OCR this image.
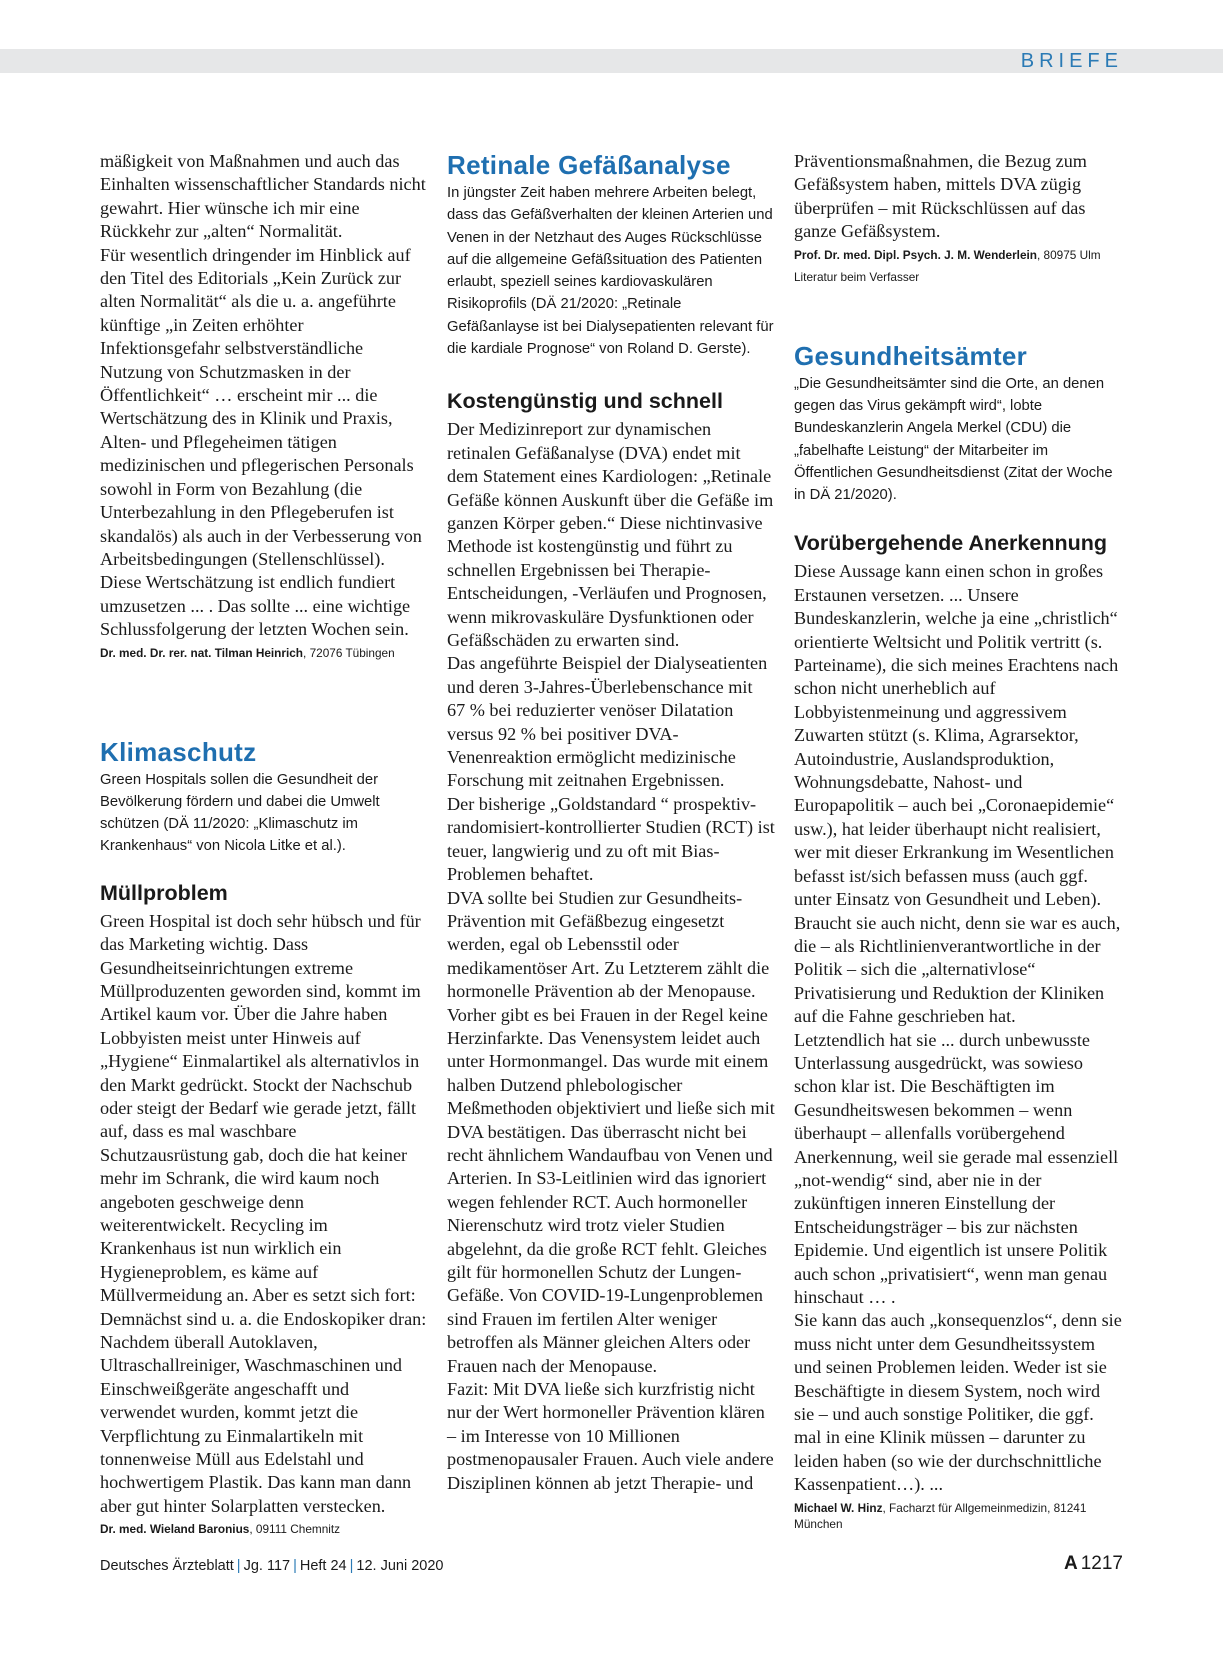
BRIEFE

mäßigkeit von Maßnahmen und auch das Einhalten wissenschaftlicher Standards nicht gewahrt. Hier wünsche ich mir eine Rückkehr zur „alten“ Normalität.
Für wesentlich dringender im Hinblick auf den Titel des Editorials „Kein Zurück zur alten Normalität“ als die u. a. angeführte künftige „in Zeiten erhöhter Infektionsgefahr selbstverständliche Nutzung von Schutzmasken in der Öffentlichkeit“ … erscheint mir ... die Wertschätzung des in Klinik und Praxis, Alten- und Pflegeheimen tätigen medizinischen und pflegerischen Personals sowohl in Form von Bezahlung (die Unterbezahlung in den Pflegeberufen ist skandalös) als auch in der Verbesserung von Arbeitsbedingungen (Stellenschlüssel). Diese Wertschätzung ist endlich fundiert umzusetzen ... . Das sollte ... eine wichtige Schlussfolgerung der letzten Wochen sein.

Dr. med. Dr. rer. nat. Tilman Heinrich, 72076 Tübingen

Klimaschutz

Green Hospitals sollen die Gesundheit der Bevölkerung fördern und dabei die Umwelt schützen (DÄ 11/2020: „Klimaschutz im Krankenhaus“ von Nicola Litke et al.).

Müllproblem

Green Hospital ist doch sehr hübsch und für das Marketing wichtig. Dass Gesundheitseinrichtungen extreme Müllproduzenten geworden sind, kommt im Artikel kaum vor. Über die Jahre haben Lobbyisten meist unter Hinweis auf „Hygiene“ Einmalartikel als alternativlos in den Markt gedrückt. Stockt der Nachschub oder steigt der Bedarf wie gerade jetzt, fällt auf, dass es mal waschbare Schutzausrüstung gab, doch die hat keiner mehr im Schrank, die wird kaum noch angeboten geschweige denn weiterentwickelt. Recycling im Krankenhaus ist nun wirklich ein Hygieneproblem, es käme auf Müllvermeidung an. Aber es setzt sich fort: Demnächst sind u. a. die Endoskopiker dran: Nachdem überall Autoklaven, Ultraschallreiniger, Waschmaschinen und Einschweißgeräte angeschafft und verwendet wurden, kommt jetzt die Verpflichtung zu Einmalartikeln mit tonnenweise Müll aus Edelstahl und hochwertigem Plastik. Das kann man dann aber gut hinter Solarplatten verstecken.

Dr. med. Wieland Baronius, 09111 Chemnitz

Retinale Gefäßanalyse

In jüngster Zeit haben mehrere Arbeiten belegt, dass das Gefäßverhalten der kleinen Arterien und Venen in der Netzhaut des Auges Rückschlüsse auf die allgemeine Gefäßsituation des Patienten erlaubt, speziell seines kardiovaskulären Risikoprofils (DÄ 21/2020: „Retinale Gefäßanlayse ist bei Dialysepatienten relevant für die kardiale Prognose“ von Roland D. Gerste).

Kostengünstig und schnell

Der Medizinreport zur dynamischen retinalen Gefäßanalyse (DVA) endet mit dem Statement eines Kardiologen: „Retinale Gefäße können Auskunft über die Gefäße im ganzen Körper geben.“ Diese nichtinvasive Methode ist kostengünstig und führt zu schnellen Ergebnissen bei Therapie-Entscheidungen, -Verläufen und Prognosen, wenn mikrovaskuläre Dysfunktionen oder Gefäßschäden zu erwarten sind.
Das angeführte Beispiel der Dialyseatienten und deren 3-Jahres-Überlebenschance mit 67 % bei reduzierter venöser Dilatation versus 92 % bei positiver DVA-Venenreaktion ermöglicht medizinische Forschung mit zeitnahen Ergebnissen.
Der bisherige „Goldstandard “ prospektiv-randomisiert-kontrollierter Studien (RCT) ist teuer, langwierig und zu oft mit Bias-Problemen behaftet.
DVA sollte bei Studien zur Gesundheits-Prävention mit Gefäßbezug eingesetzt werden, egal ob Lebensstil oder medikamentöser Art. Zu Letzterem zählt die hormonelle Prävention ab der Menopause. Vorher gibt es bei Frauen in der Regel keine Herzinfarkte. Das Venensystem leidet auch unter Hormonmangel. Das wurde mit einem halben Dutzend phlebologischer Meßmethoden objektiviert und ließe sich mit DVA bestätigen. Das überrascht nicht bei recht ähnlichem Wandaufbau von Venen und Arterien. In S3-Leitlinien wird das ignoriert wegen fehlender RCT. Auch hormoneller Nierenschutz wird trotz vieler Studien abgelehnt, da die große RCT fehlt. Gleiches gilt für hormonellen Schutz der Lungen-Gefäße. Von COVID-19-Lungenproblemen sind Frauen im fertilen Alter weniger betroffen als Männer gleichen Alters oder Frauen nach der Menopause.
Fazit: Mit DVA ließe sich kurzfristig nicht nur der Wert hormoneller Prävention klären – im Interesse von 10 Millionen postmenopausaler Frauen. Auch viele andere Disziplinen können ab jetzt Therapie- und

Präventionsmaßnahmen, die Bezug zum Gefäßsystem haben, mittels DVA zügig überprüfen – mit Rückschlüssen auf das ganze Gefäßsystem.

Prof. Dr. med. Dipl. Psych. J. M. Wenderlein, 80975 Ulm

Literatur beim Verfasser

Gesundheitsämter

„Die Gesundheitsämter sind die Orte, an denen gegen das Virus gekämpft wird“, lobte Bundeskanzlerin Angela Merkel (CDU) die „fabelhafte Leistung“ der Mitarbeiter im Öffentlichen Gesundheitsdienst (Zitat der Woche in DÄ 21/2020).

Vorübergehende Anerkennung

Diese Aussage kann einen schon in großes Erstaunen versetzen. ... Unsere Bundeskanzlerin, welche ja eine „christlich“ orientierte Weltsicht und Politik vertritt (s. Parteiname), die sich meines Erachtens nach schon nicht unerheblich auf Lobbyistenmeinung und aggressivem Zuwarten stützt (s. Klima, Agrarsektor, Autoindustrie, Auslandsproduktion, Wohnungsdebatte, Nahost- und Europapolitik – auch bei „Coronaepidemie“ usw.), hat leider überhaupt nicht realisiert, wer mit dieser Erkrankung im Wesentlichen befasst ist/sich befassen muss (auch ggf. unter Einsatz von Gesundheit und Leben). Braucht sie auch nicht, denn sie war es auch, die – als Richtlinienverantwortliche in der Politik – sich die „alternativlose“ Privatisierung und Reduktion der Kliniken auf die Fahne geschrieben hat.
Letztendlich hat sie ... durch unbewusste Unterlassung ausgedrückt, was sowieso schon klar ist. Die Beschäftigten im Gesundheitswesen bekommen – wenn überhaupt – allenfalls vorübergehend Anerkennung, weil sie gerade mal essenziell „not-wendig“ sind, aber nie in der zukünftigen inneren Einstellung der Entscheidungsträger – bis zur nächsten Epidemie. Und eigentlich ist unsere Politik auch schon „privatisiert“, wenn man genau hinschaut … .
Sie kann das auch „konsequenzlos“, denn sie muss nicht unter dem Gesundheitssystem und seinen Problemen leiden. Weder ist sie Beschäftigte in diesem System, noch wird sie – und auch sonstige Politiker, die ggf. mal in eine Klinik müssen – darunter zu leiden haben (so wie der durchschnittliche Kassenpatient…). ...

Michael W. Hinz, Facharzt für Allgemeinmedizin, 81241 München

Deutsches Ärzteblatt | Jg. 117 | Heft 24 | 12. Juni 2020	A 1217
